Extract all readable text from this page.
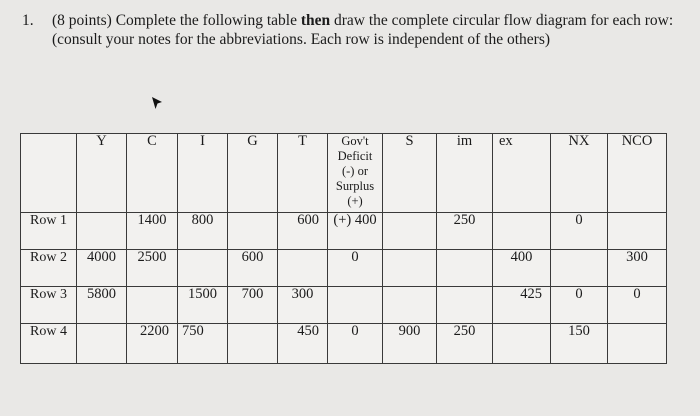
1. (8 points) Complete the following table then draw the complete circular flow diagram for each row: (consult your notes for the abbreviations. Each row is independent of the others)
	Y	C	I	G	T	Gov't Deficit (-) or Surplus (+)	S	im	ex	NX	NCO
Row 1		1400	800		600	(+) 400		250		0	
Row 2	4000	2500		600		0			400		300
Row 3	5800		1500	700	300				425	0	0
Row 4		2200	750		450	0	900	250		150	
